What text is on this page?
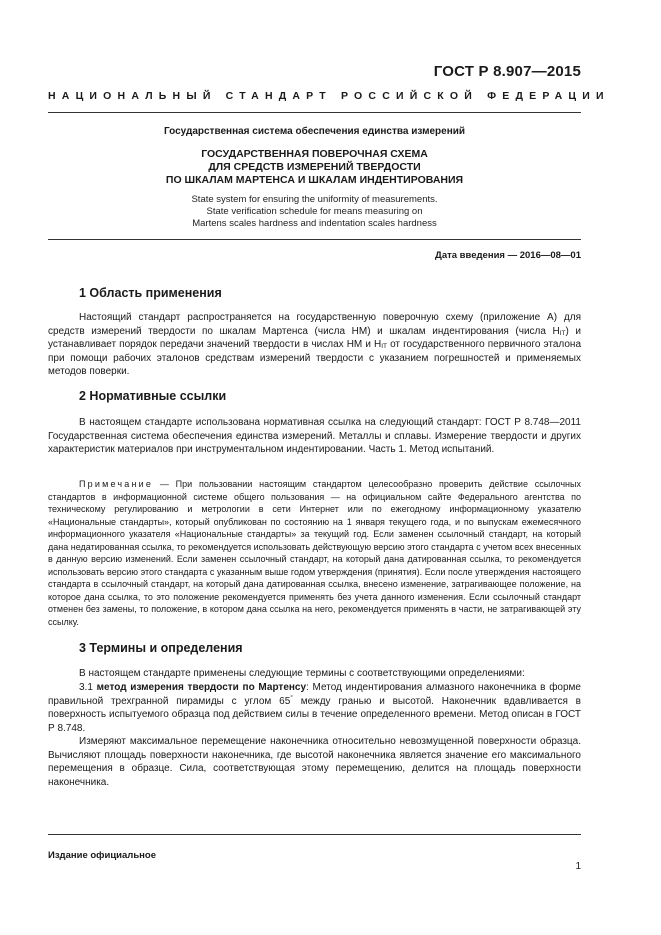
ГОСТ Р 8.907—2015
НАЦИОНАЛЬНЫЙ СТАНДАРТ РОССИЙСКОЙ ФЕДЕРАЦИИ
Государственная система обеспечения единства измерений
ГОСУДАРСТВЕННАЯ ПОВЕРОЧНАЯ СХЕМА
ДЛЯ СРЕДСТВ ИЗМЕРЕНИЙ ТВЕРДОСТИ
ПО ШКАЛАМ МАРТЕНСА И ШКАЛАМ ИНДЕНТИРОВАНИЯ
State system for ensuring the uniformity of measurements.
State verification schedule for means measuring on
Martens scales hardness and indentation scales hardness
Дата введения — 2016—08—01
1 Область применения
Настоящий стандарт распространяется на государственную поверочную схему (приложение А) для средств измерений твердости по шкалам Мартенса (числа НМ) и шкалам индентирования (числа $H_{IT}$) и устанавливает порядок передачи значений твердости в числах НМ и $H_{IT}$ от государственного первичного эталона при помощи рабочих эталонов средствам измерений твердости с указанием погрешностей и применяемых методов поверки.
2 Нормативные ссылки
В настоящем стандарте использована нормативная ссылка на следующий стандарт: ГОСТ Р 8.748—2011 Государственная система обеспечения единства измерений. Металлы и сплавы. Измерение твердости и других характеристик материалов при инструментальном индентировании. Часть 1. Метод испытаний.
Примечание — При пользовании настоящим стандартом целесообразно проверить действие ссылочных стандартов в информационной системе общего пользования — на официальном сайте Федерального агентства по техническому регулированию и метрологии в сети Интернет или по ежегодному информационному указателю «Национальные стандарты», который опубликован по состоянию на 1 января текущего года, и по выпускам ежемесячного информационного указателя «Национальные стандарты» за текущий год. Если заменен ссылочный стандарт, на который дана недатированная ссылка, то рекомендуется использовать действующую версию этого стандарта с учетом всех внесенных в данную версию изменений. Если заменен ссылочный стандарт, на который дана датированная ссылка, то рекомендуется использовать версию этого стандарта с указанным выше годом утверждения (принятия). Если после утверждения настоящего стандарта в ссылочный стандарт, на который дана датированная ссылка, внесено изменение, затрагивающее положение, на которое дана ссылка, то это положение рекомендуется применять без учета данного изменения. Если ссылочный стандарт отменен без замены, то положение, в котором дана ссылка на него, рекомендуется применять в части, не затрагивающей эту ссылку.
3 Термины и определения
В настоящем стандарте применены следующие термины с соответствующими определениями:
3.1 метод измерения твердости по Мартенсу: Метод индентирования алмазного наконечника в форме правильной трехгранной пирамиды с углом 65° между гранью и высотой. Наконечник вдавливается в поверхность испытуемого образца под действием силы в течение определенного времени. Метод описан в ГОСТ Р 8.748.
Измеряют максимальное перемещение наконечника относительно невозмущенной поверхности образца. Вычисляют площадь поверхности наконечника, где высотой наконечника является значение его максимального перемещения в образце. Сила, соответствующая этому перемещению, делится на площадь поверхности наконечника.
Издание официальное
1
